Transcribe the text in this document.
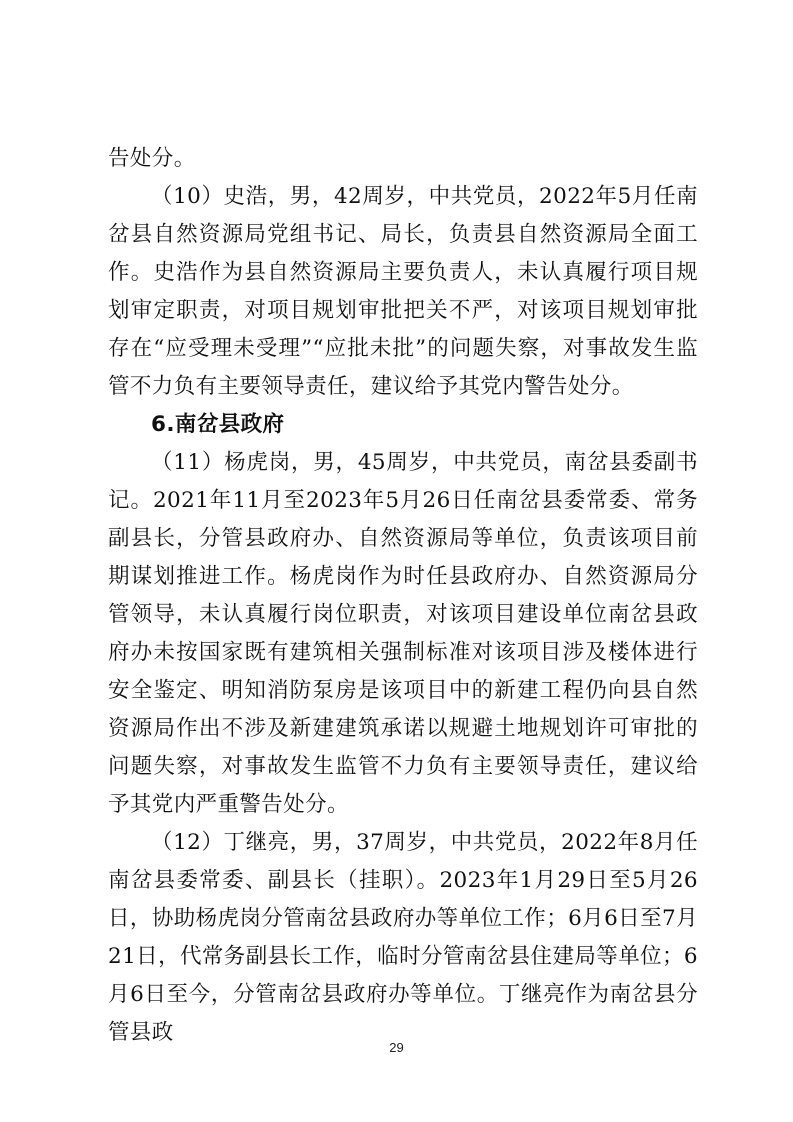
告处分。

（10）史浩，男，42周岁，中共党员，2022年5月任南岔县自然资源局党组书记、局长，负责县自然资源局全面工作。史浩作为县自然资源局主要负责人，未认真履行项目规划审定职责，对项目规划审批把关不严，对该项目规划审批存在“应受理未受理”“应批未批”的问题失察，对事故发生监管不力负有主要领导责任，建议给予其党内警告处分。

6.南岔县政府

（11）杨虎岗，男，45周岁，中共党员，南岔县委副书记。2021年11月至2023年5月26日任南岔县委常委、常务副县长，分管县政府办、自然资源局等单位，负责该项目前期谋划推进工作。杨虎岗作为时任县政府办、自然资源局分管领导，未认真履行岗位职责，对该项目建设单位南岔县政府办未按国家既有建筑相关强制标准对该项目涉及楼体进行安全鉴定、明知消防泵房是该项目中的新建工程仍向县自然资源局作出不涉及新建建筑承诺以规避土地规划许可审批的问题失察，对事故发生监管不力负有主要领导责任，建议给予其党内严重警告处分。

（12）丁继亮，男，37周岁，中共党员，2022年8月任南岔县委常委、副县长（挂职）。2023年1月29日至5月26日，协助杨虎岗分管南岔县政府办等单位工作；6月6日至7月21日，代常务副县长工作，临时分管南岔县住建局等单位；6月6日至今，分管南岔县政府办等单位。丁继亮作为南岔县分管县政

29
